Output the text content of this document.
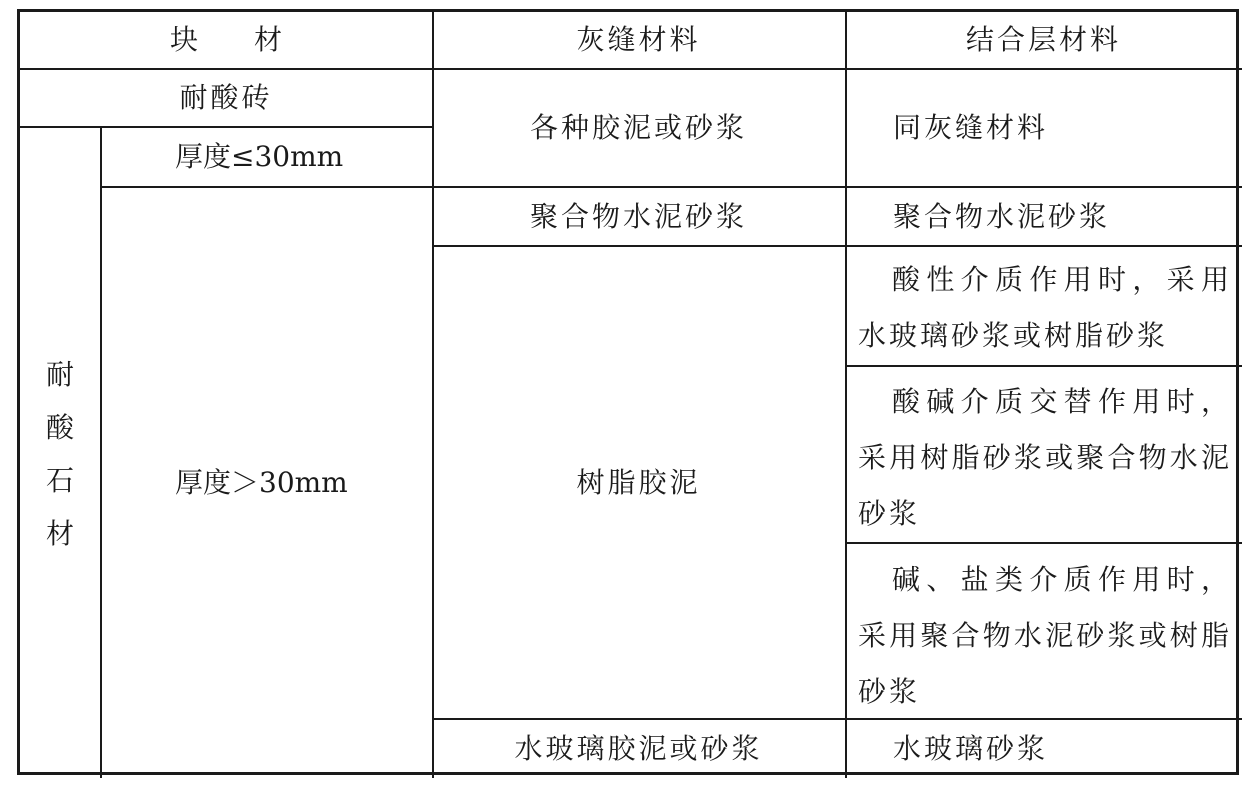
块　　材	灰缝材料	结合层材料
耐酸砖
耐
酸
石
材
厚度≤30mm
厚度＞30mm
各种胶泥或砂浆
聚合物水泥砂浆
树脂胶泥
水玻璃胶泥或砂浆
同灰缝材料
聚合物水泥砂浆
酸性介质作用时，采用水玻璃砂浆或树脂砂浆
酸碱介质交替作用时，采用树脂砂浆或聚合物水泥砂浆
碱、盐类介质作用时，采用聚合物水泥砂浆或树脂砂浆
水玻璃砂浆
